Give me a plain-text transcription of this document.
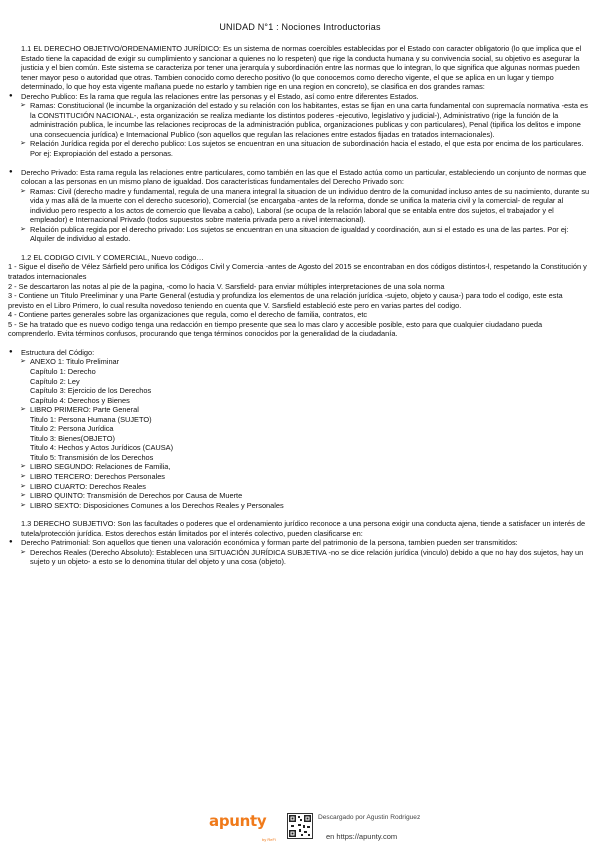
UNIDAD N°1 : Nociones Introductorias

1.1 EL DERECHO OBJETIVO/ORDENAMIENTO JURÍDICO: Es un sistema de normas coercibles establecidas por el Estado con caracter obligatorio (lo que implica que el Estado tiene la capacidad de exigir su cumplimiento y sancionar a quienes no lo respeten) que rige la conducta humana y su convivencia social, su objetivo es asegurar la justicia y el bien común. Este sistema se caracteriza por tener una jerarquía y subordinación entre las normas que lo integran, lo que significa que algunas normas pueden tener mayor peso o autoridad que otras. Tambien conocido como derecho positivo (lo que conocemos como derecho vigente, el que se aplica en un lugar y tiempo determinado, lo que hoy esta vigente mañana puede no estarlo y tambien rige en una region en concreto), se clasifica en dos grandes ramas:

● Derecho Publico: Es la rama que regula las relaciones entre las personas y el Estado, así como entre diferentes Estados.

➢ Ramas: Constitucional (le incumbe la organización del estado y su relación con los habitantes, estas se fijan en una carta fundamental con supremacía normativa -esta es la CONSTITUCIÓN NACIONAL-, esta organización se realiza mediante los distintos poderes -ejecutivo, legislativo y judicial-), Administrativo (rige la función de la administración publica, le incumbe las relaciones reciprocas de la administración publica, organizaciones publicas y con particulares), Penal (tipifica los delitos e impone una consecuencia jurídica) e Internacional Publico (son aquellos que regulan las relaciones entre estados fijadas en tratados internacionales).

➢ Relación Jurídica regida por el derecho publico: Los sujetos se encuentran en una situacion de subordinación hacia el estado, el que esta por encima de los particulares. Por ej: Expropiación del estado a personas.

● Derecho Privado: Esta rama regula las relaciones entre particulares, como también en las que el Estado actúa como un particular, estableciendo un conjunto de normas que colocan a las personas en un mismo plano de igualdad. Dos características fundamentales del Derecho Privado son:

➢ Ramas: Civil (derecho madre y fundamental, regula de una manera integral la situacion de un individuo dentro de la comunidad incluso antes de su nacimiento, durante su vida y mas allá de la muerte con el derecho sucesorio), Comercial (se encargaba -antes de la reforma, donde se unifica la materia civil y la comercial- de regular al individuo pero respecto a los actos de comercio que llevaba a cabo), Laboral (se ocupa de la relación laboral que se entabla entre dos sujetos, el trabajador y el empleador) e Internacional Privado (todos supuestos sobre materia privada pero a nivel internacional).

➢ Relación publica regida por el derecho privado: Los sujetos se encuentran en una situacion de igualdad y coordinación, aun si el estado es una de las partes. Por ej: Alquiler de individuo al estado.

1.2 EL CODIGO CIVIL Y COMERCIAL, Nuevo codigo…

1 - Sigue el diseño de Vélez Sárfield pero unifica los Códigos Civil y Comercia -antes de Agosto del 2015 se encontraban en dos códigos distintos-l, respetando la Constitución y tratados internacionales

2 - Se descartaron las notas al pie de la pagina, -como lo hacia V. Sarsfield- para enviar múltiples interpretaciones de una sola norma

3 - Contiene un Titulo Preeliminar y una Parte General (estudia y profundiza los elementos de una relación jurídica -sujeto, objeto y causa-) para todo el codigo, este esta previsto en el Libro Primero, lo cual resulta novedoso teniendo en cuenta que V. Sarsfield estableció este pero en varias partes del codigo.

4 - Contiene partes generales sobre las organizaciones que regula, como el derecho de familia, contratos, etc

5 - Se ha tratado que es nuevo codigo tenga una redacción en tiempo presente que sea lo mas claro y accesible posible, esto para que cualquier ciudadano pueda comprenderlo. Evita términos confusos, procurando que tenga términos conocidos por la generalidad de la ciudadanía.

● Estructura del Código:

➢ ANEXO 1: Titulo Preliminar

Capítulo 1: Derecho

Capítulo 2: Ley

Capítulo 3: Ejercicio de los Derechos

Capítulo 4: Derechos y Bienes

➢ LIBRO PRIMERO: Parte General

Titulo 1: Persona Humana (SUJETO)

Titulo 2: Persona Jurídica

Titulo 3: Bienes(OBJETO)

Titulo 4: Hechos y Actos Jurídicos (CAUSA)

Titulo 5: Transmisión de los Derechos

➢ LIBRO SEGUNDO: Relaciones de Familia,

➢ LIBRO TERCERO: Derechos Personales

➢ LIBRO CUARTO: Derechos Reales

➢ LIBRO QUINTO: Transmisión de Derechos por Causa de Muerte

➢ LIBRO SEXTO: Disposiciones Comunes a los Derechos Reales y Personales

1.3 DERECHO SUBJETIVO: Son las facultades o poderes que el ordenamiento jurídico reconoce a una persona exigir una conducta ajena, tiende a satisfacer un interés de tutela/protección jurídica. Estos derechos están limitados por el interés colectivo, pueden clasificarse en:

● Derecho Patrimonial: Son aquellos que tienen una valoración económica y forman parte del patrimonio de la persona, tambien pueden ser transmitidos:

➢ Derechos Reales (Derecho Absoluto): Establecen una SITUACIÓN JURÍDICA SUBJETIVA -no se dice relación jurídica (vinculo) debido a que no hay dos sujetos, hay un sujeto y un objeto- a esto se lo denomina titular del objeto y una cosa (objeto).

apunty
by ReFi
Descargado por Agustin Rodriguez
en https://apunty.com
